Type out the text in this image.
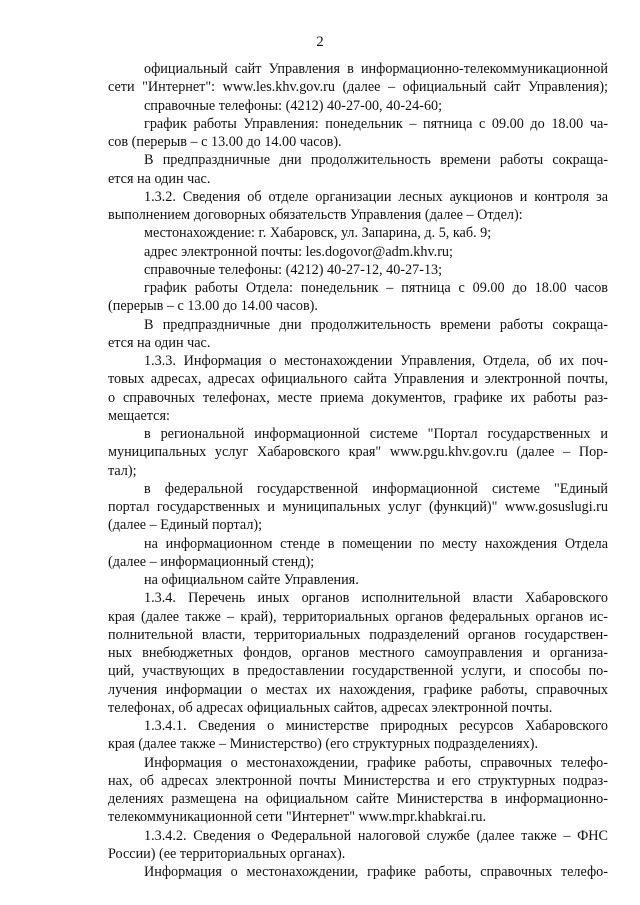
2
официальный сайт Управления в информационно-телекоммуникационной
сети "Интернет": www.les.khv.gov.ru (далее – официальный сайт Управления);
справочные телефоны: (4212) 40-27-00, 40-24-60;
график работы Управления: понедельник – пятница с 09.00 до 18.00 ча-
сов (перерыв – с 13.00 до 14.00 часов).
В предпраздничные дни продолжительность времени работы сокраща-
ется на один час.
1.3.2. Сведения об отделе организации лесных аукционов и контроля за
выполнением договорных обязательств Управления (далее – Отдел):
местонахождение: г. Хабаровск, ул. Запарина, д. 5, каб. 9;
адрес электронной почты: les.dogovor@adm.khv.ru;
справочные телефоны: (4212) 40-27-12, 40-27-13;
график работы Отдела: понедельник – пятница с 09.00 до 18.00 часов
(перерыв – с 13.00 до 14.00 часов).
В предпраздничные дни продолжительность времени работы сокраща-
ется на один час.
1.3.3. Информация о местонахождении Управления, Отдела, об их поч-
товых адресах, адресах официального сайта Управления и электронной почты,
о справочных телефонах, месте приема документов, графике их работы раз-
мещается:
в региональной информационной системе "Портал государственных и
муниципальных услуг Хабаровского края" www.pgu.khv.gov.ru (далее – Пор-
тал);
в федеральной государственной информационной системе "Единый
портал государственных и муниципальных услуг (функций)" www.gosuslugi.ru
(далее – Единый портал);
на информационном стенде в помещении по месту нахождения Отдела
(далее – информационный стенд);
на официальном сайте Управления.
1.3.4. Перечень иных органов исполнительной власти Хабаровского
края (далее также – край), территориальных органов федеральных органов ис-
полнительной власти, территориальных подразделений органов государствен-
ных внебюджетных фондов, органов местного самоуправления и организа-
ций, участвующих в предоставлении государственной услуги, и способы по-
лучения информации о местах их нахождения, графике работы, справочных
телефонах, об адресах официальных сайтов, адресах электронной почты.
1.3.4.1. Сведения о министерстве природных ресурсов Хабаровского
края (далее также – Министерство) (его структурных подразделениях).
Информация о местонахождении, графике работы, справочных телефо-
нах, об адресах электронной почты Министерства и его структурных подраз-
делениях размещена на официальном сайте Министерства в информационно-
телекоммуникационной сети "Интернет" www.mpr.khabkrai.ru.
1.3.4.2. Сведения о Федеральной налоговой службе (далее также – ФНС
России) (ее территориальных органах).
Информация о местонахождении, графике работы, справочных телефо-
